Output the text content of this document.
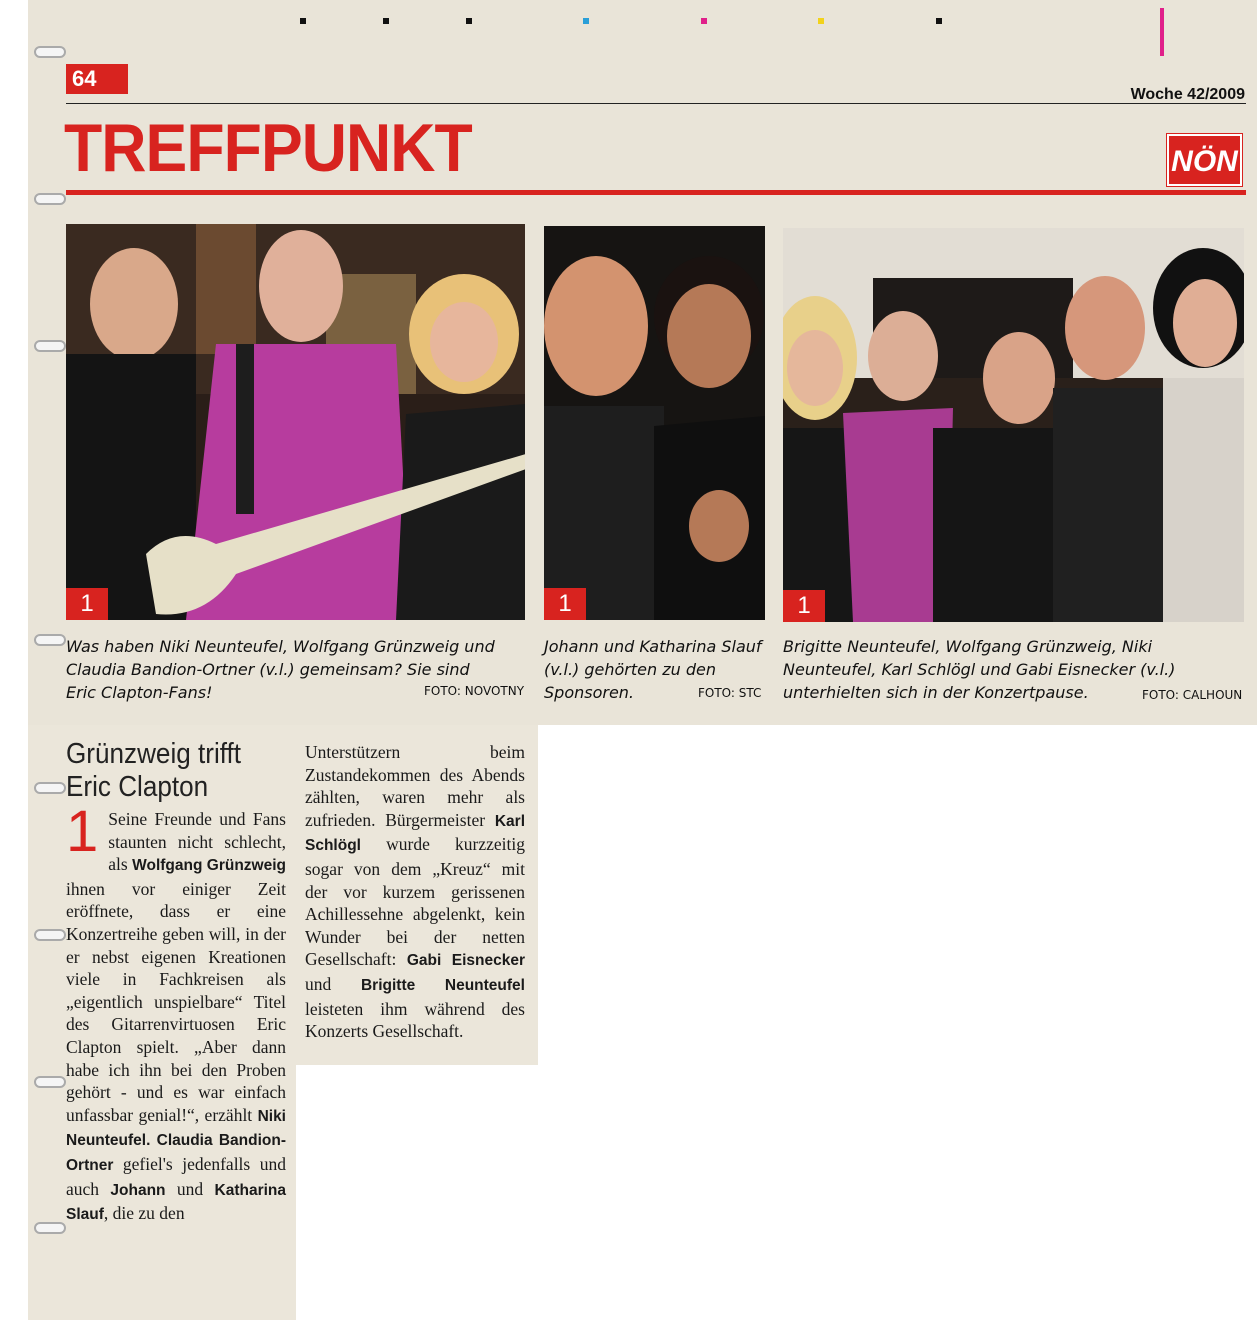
64
Woche 42/2009
TREFFPUNKT	NÖN
1	1	1
Was haben Niki Neunteufel, Wolfgang Grünzweig und Claudia Bandion-Ortner (v.l.) gemeinsam? Sie sind Eric Clapton-Fans!	FOTO: NOVOTNY
Johann und Katharina Slauf (v.l.) gehörten zu den Sponsoren.	FOTO: STC
Brigitte Neunteufel, Wolfgang Grünzweig, Niki Neunteufel, Karl Schlögl und Gabi Eisnecker (v.l.) unterhielten sich in der Konzertpause.	FOTO: CALHOUN
Grünzweig trifft
Eric Clapton
1 Seine Freunde und Fans staunten nicht schlecht, als Wolfgang Grünzweig ihnen vor einiger Zeit eröffnete, dass er eine Konzertreihe geben will, in der er nebst eigenen Kreationen viele in Fachkreisen als „eigentlich unspielbare“ Titel des Gitarrenvirtuosen Eric Clapton spielt. „Aber dann habe ich ihn bei den Proben gehört - und es war einfach unfassbar genial!“, erzählt Niki Neunteufel. Claudia Bandion-Ortner gefiel's jedenfalls und auch Johann und Katharina Slauf, die zu den
Unterstützern beim Zustandekommen des Abends zählten, waren mehr als zufrieden. Bürgermeister Karl Schlögl wurde kurzzeitig sogar von dem „Kreuz“ mit der vor kurzem gerissenen Achillessehne abgelenkt, kein Wunder bei der netten Gesellschaft: Gabi Eisnecker und Brigitte Neunteufel leisteten ihm während des Konzerts Gesellschaft.
